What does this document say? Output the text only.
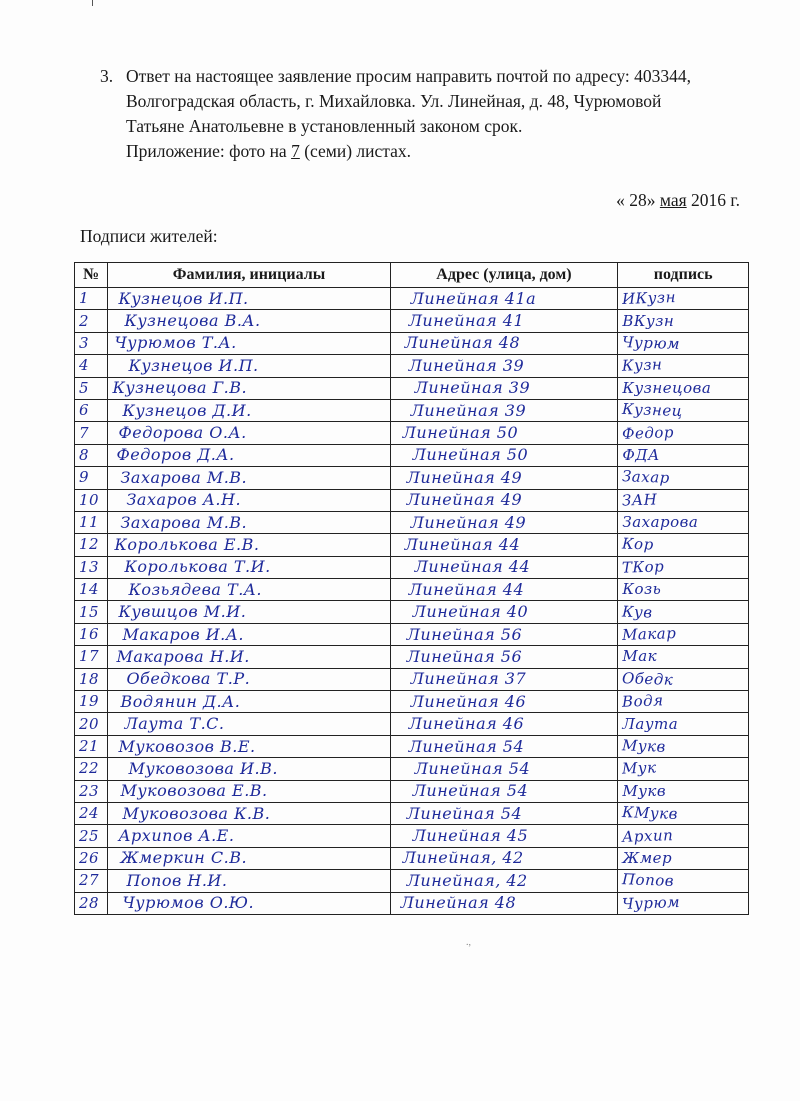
3. Ответ на настоящее заявление просим направить почтой по адресу: 403344,
Волгоградская область, г. Михайловка. Ул. Линейная, д. 48, Чурюмовой
Татьяне Анатольевне в установленный законом срок.
Приложение: фото на 7 (семи) листах.
« 28» мая 2016 г.
Подписи жителей:
№	Фамилия, инициалы	Адрес (улица, дом)	подпись
1	Кузнецов И.П.	Линейная 41а	ИКузн
2	Кузнецова В.А.	Линейная 41	ВКузн
3	Чурюмов Т.А.	Линейная 48	Чурюм
4	Кузнецов И.П.	Линейная 39	Кузн
5	Кузнецова Г.В.	Линейная 39	Кузнецова
6	Кузнецов Д.И.	Линейная 39	Кузнец
7	Федорова О.А.	Линейная 50	Федор
8	Федоров Д.А.	Линейная 50	ФДА
9	Захарова М.В.	Линейная 49	Захар
10	Захаров А.Н.	Линейная 49	ЗАН
11	Захарова М.В.	Линейная 49	Захарова
12	Королькова Е.В.	Линейная 44	Кор
13	Королькова Т.И.	Линейная 44	ТКор
14	Козьядева Т.А.	Линейная 44	Козь
15	Кувшцов М.И.	Линейная 40	Кув
16	Макаров И.А.	Линейная 56	Макар
17	Макарова Н.И.	Линейная 56	Мак
18	Обедкова Т.Р.	Линейная 37	Обедк
19	Водянин Д.А.	Линейная 46	Водя
20	Лаута Т.С.	Линейная 46	Лаута
21	Муковозов В.Е.	Линейная 54	Мукв
22	Муковозова И.В.	Линейная 54	Мук
23	Муковозова Е.В.	Линейная 54	Мукв
24	Муковозова К.В.	Линейная 54	КМукв
25	Архипов А.Е.	Линейная 45	Архип
26	Жмеркин С.В.	Линейная, 42	Жмер
27	Попов Н.И.	Линейная, 42	Попов
28	Чурюмов О.Ю.	Линейная 48	Чурюм
.,
